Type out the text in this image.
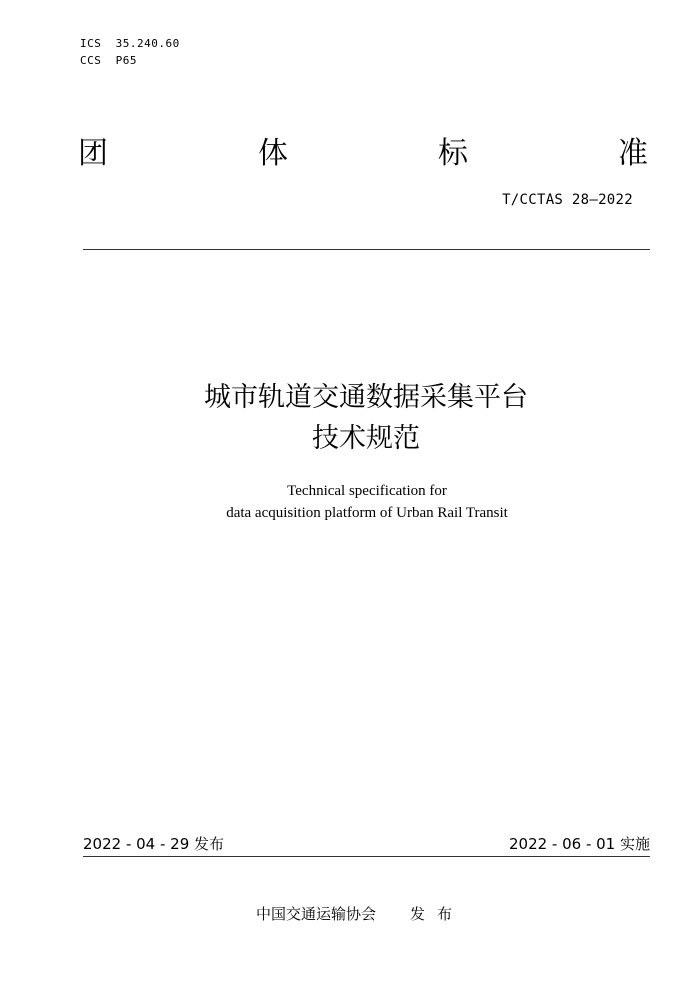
ICS  35.240.60
CCS  P65
团	体	标	准
T/CCTAS 28—2022
城市轨道交通数据采集平台
技术规范
Technical specification for
data acquisition platform of Urban Rail Transit
2022 - 04 - 29 发布	2022 - 06 - 01 实施
中国交通运输协会 发布
